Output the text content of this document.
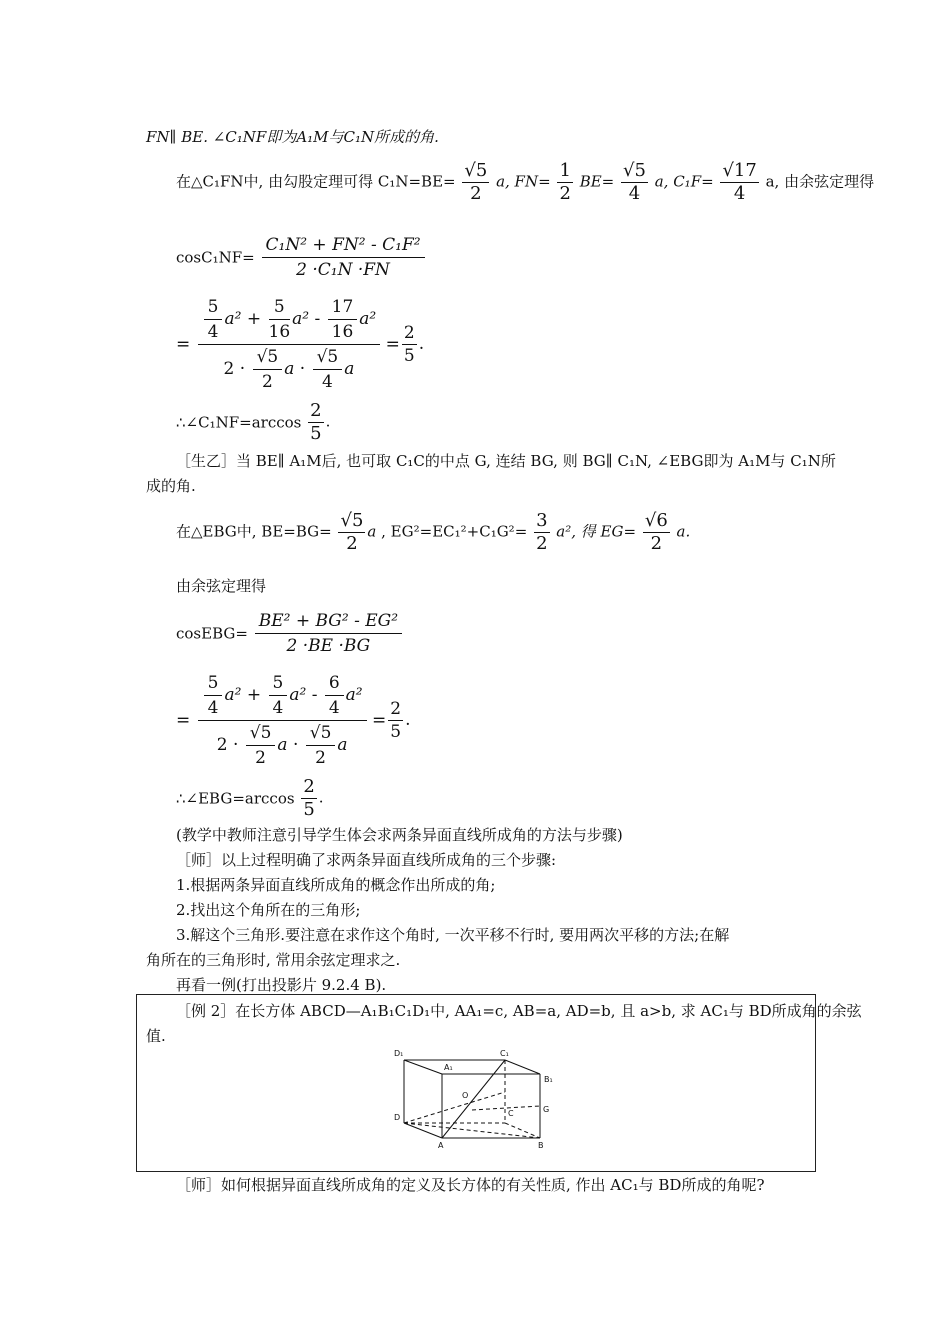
FN∥ BE. ∠C₁NF即为A₁M与C₁N所成的角.
在△C₁FN中, 由勾股定理可得 $C_1N=BE= \frac{√5}{2} a$, $FN= \frac{1}{2} BE= \frac{√5}{4} a$, $C_1F= \frac{√17}{4} a$, 由余弦定理得
$\cos C_1NF= \frac{\text{C₁N² + FN² - C₁F²}}{\text{2 ·C₁N ·FN}}$
= $\frac{\frac{5}{4} a^2 + \frac{5}{16} a^2 - \frac{17}{16} a^2}{2 \cdot \frac{√5}{2} a \cdot \frac{√5}{4} a} = \frac{2}{5}$ .
∴∠C₁NF=arccos $\frac{2}{5}$ .
［生乙］当 BE∥ A₁M后, 也可取 C₁C的中点 G, 连结 BG, 则 BG∥ C₁N, ∠EBG即为 A₁M与 C₁N所
成的角.
在△EBG中, $BE=BG= \frac{√5}{2}$ a , $EG^2=EC_1^2+C_1G^2= \frac{3}{2} a^2$, 得 $EG= \frac{√6}{2} a$.
由余弦定理得
cosEBG= $\frac{\text{BE² + BG² - EG²}}{2 \cdot BE \cdot BG}$
= $\frac{\frac{5}{4} a^2 + \frac{5}{4} a^2 - \frac{6}{4} a^2}{2 \cdot \frac{√5}{2} a \cdot \frac{√5}{2} a} = \frac{2}{5}$ .
∴∠EBG=arccos $\frac{2}{5}$ .
(教学中教师注意引导学生体会求两条异面直线所成角的方法与步骤)
［师］以上过程明确了求两条异面直线所成角的三个步骤:
1.根据两条异面直线所成角的概念作出所成的角;
2.找出这个角所在的三角形;
3.解这个三角形.要注意在求作这个角时, 一次平移不行时, 要用两次平移的方法;在解
角所在的三角形时, 常用余弦定理求之.
再看一例(打出投影片 9.2.4 B).
［例 2］在长方体 ABCD—A₁B₁C₁D₁中, AA₁=c, AB=a, AD=b, 且 a>b, 求 AC₁与 BD所成角的余弦
值.
D₁	C₁
A₁
B₁
O
C	G
D
A	B
［师］如何根据异面直线所成角的定义及长方体的有关性质, 作出 AC₁与 BD所成的角呢?
